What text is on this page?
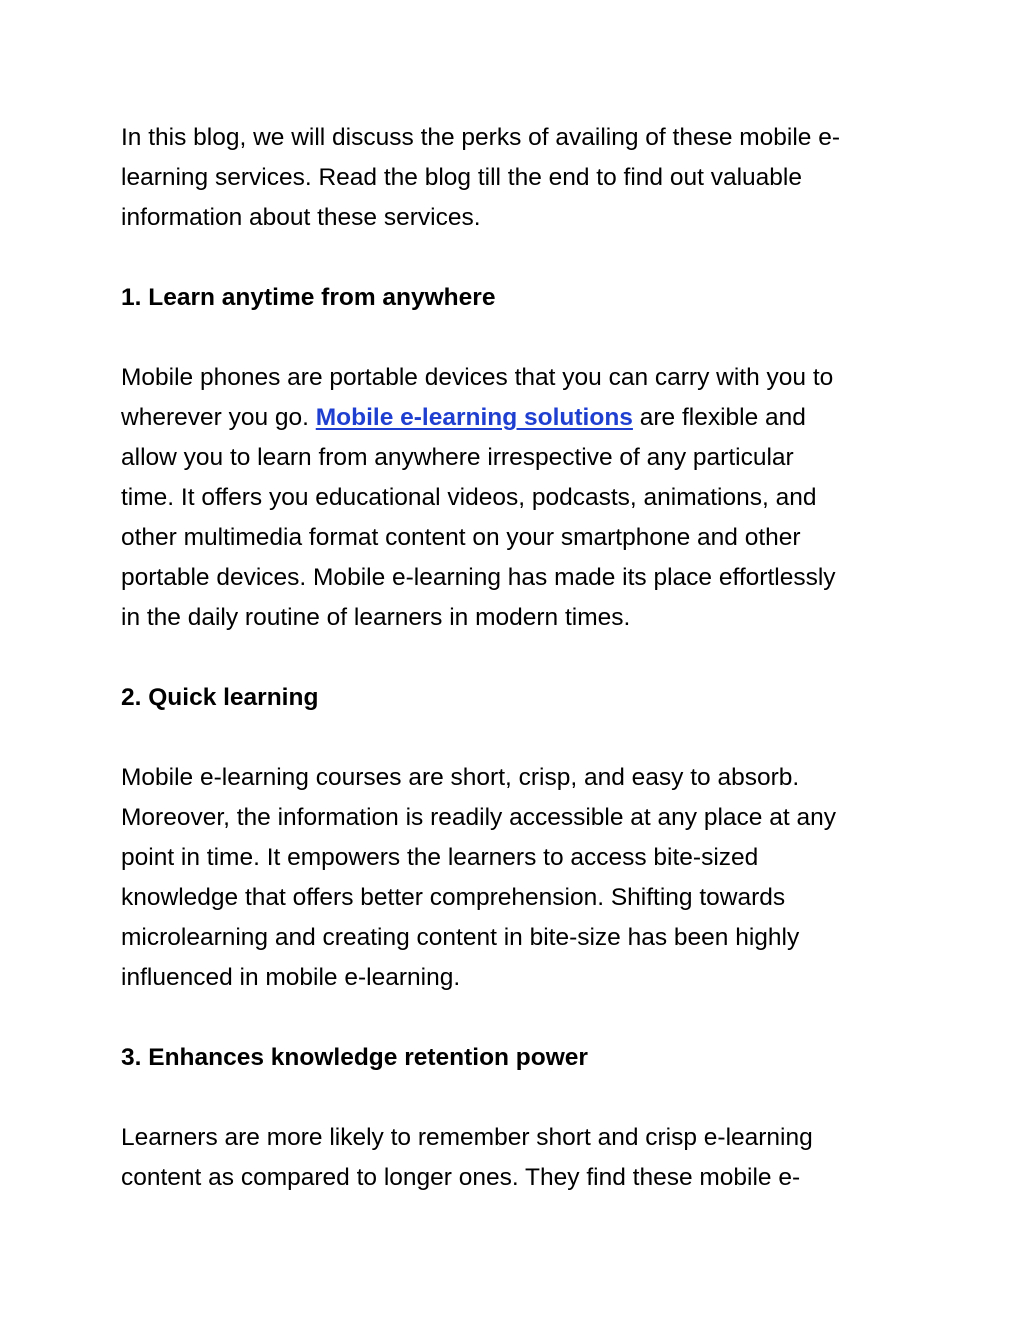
In this blog, we will discuss the perks of availing of these mobile e-

learning services. Read the blog till the end to find out valuable

information about these services.

1. Learn anytime from anywhere

Mobile phones are portable devices that you can carry with you to

wherever you go. Mobile e-learning solutions are flexible and

allow you to learn from anywhere irrespective of any particular

time. It offers you educational videos, podcasts, animations, and

other multimedia format content on your smartphone and other

portable devices. Mobile e-learning has made its place effortlessly

in the daily routine of learners in modern times.

2. Quick learning

Mobile e-learning courses are short, crisp, and easy to absorb.

Moreover, the information is readily accessible at any place at any

point in time. It empowers the learners to access bite-sized

knowledge that offers better comprehension. Shifting towards

microlearning and creating content in bite-size has been highly

influenced in mobile e-learning.

3. Enhances knowledge retention power

Learners are more likely to remember short and crisp e-learning

content as compared to longer ones. They find these mobile e-
